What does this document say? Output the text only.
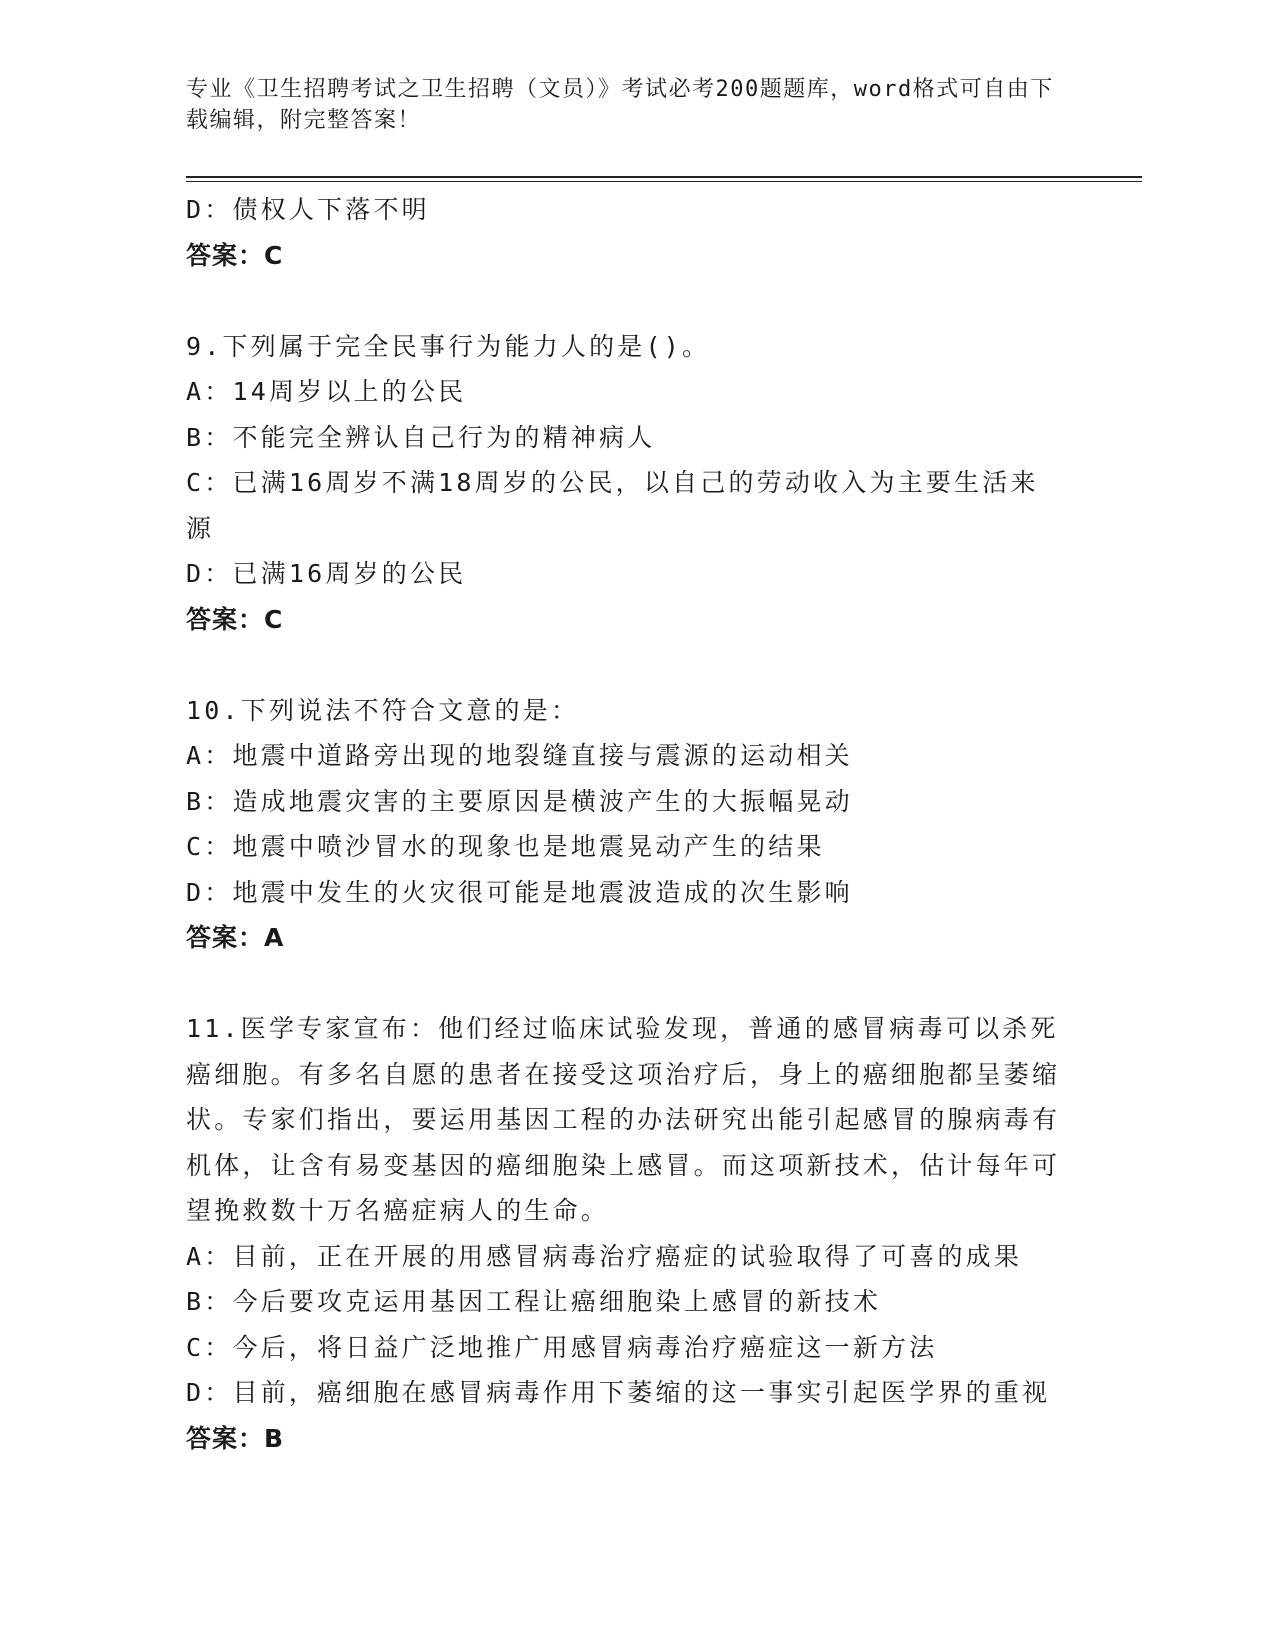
专业《卫生招聘考试之卫生招聘（文员）》考试必考200题题库，word格式可自由下载编辑，附完整答案！

D：债权人下落不明

答案：C

9.下列属于完全民事行为能力人的是()。

A：14周岁以上的公民

B：不能完全辨认自己行为的精神病人

C：已满16周岁不满18周岁的公民，以自己的劳动收入为主要生活来源

D：已满16周岁的公民

答案：C

10.下列说法不符合文意的是：

A：地震中道路旁出现的地裂缝直接与震源的运动相关

B：造成地震灾害的主要原因是横波产生的大振幅晃动

C：地震中喷沙冒水的现象也是地震晃动产生的结果

D：地震中发生的火灾很可能是地震波造成的次生影响

答案：A

11.医学专家宣布：他们经过临床试验发现，普通的感冒病毒可以杀死癌细胞。有多名自愿的患者在接受这项治疗后，身上的癌细胞都呈萎缩状。专家们指出，要运用基因工程的办法研究出能引起感冒的腺病毒有机体，让含有易变基因的癌细胞染上感冒。而这项新技术，估计每年可望挽救数十万名癌症病人的生命。

A：目前，正在开展的用感冒病毒治疗癌症的试验取得了可喜的成果

B：今后要攻克运用基因工程让癌细胞染上感冒的新技术

C：今后，将日益广泛地推广用感冒病毒治疗癌症这一新方法

D：目前，癌细胞在感冒病毒作用下萎缩的这一事实引起医学界的重视

答案：B
